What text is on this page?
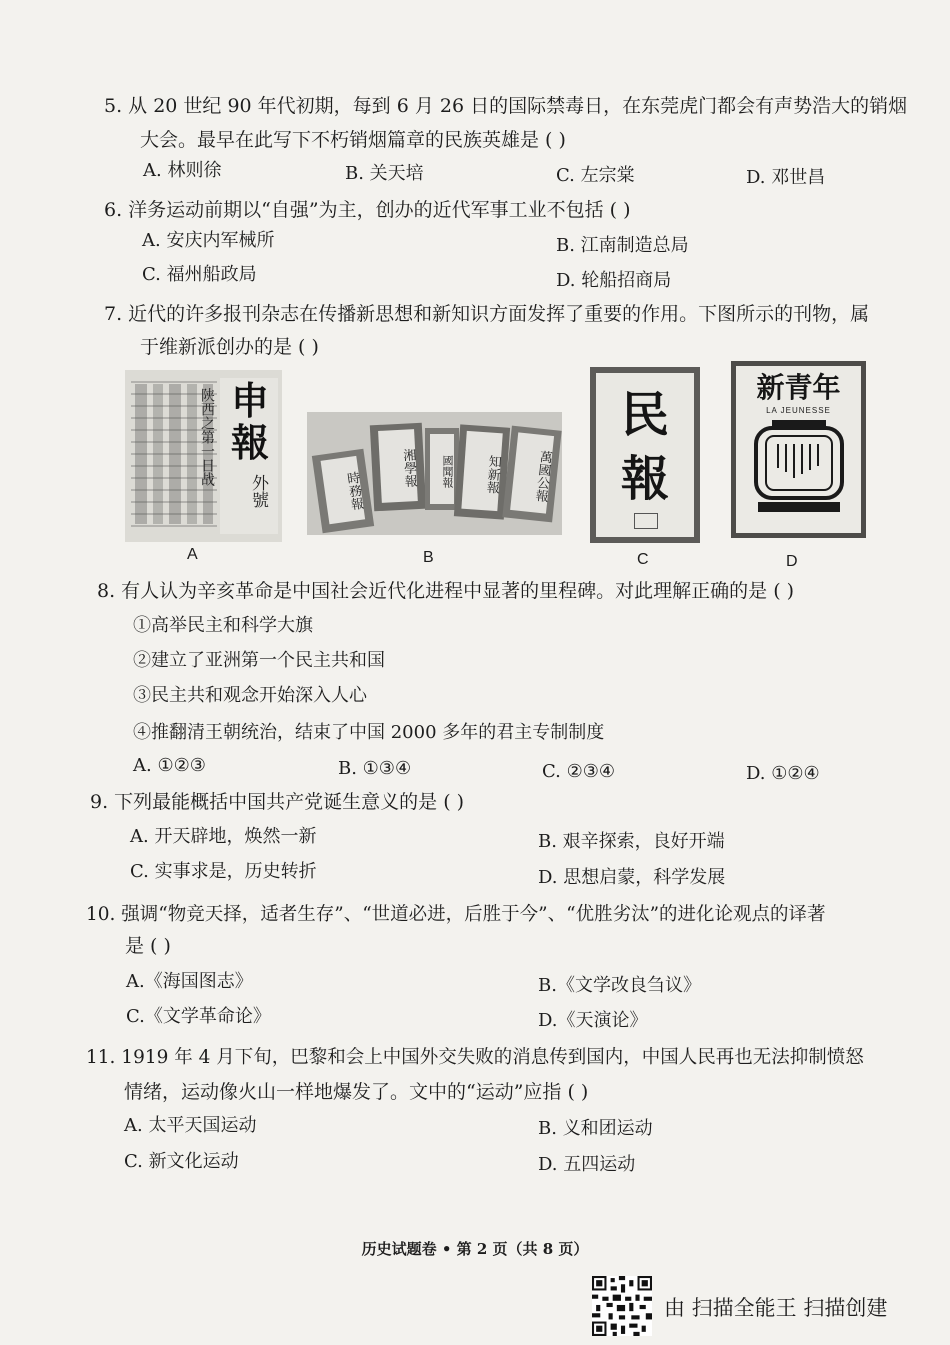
5. 从 20 世纪 90 年代初期，每到 6 月 26 日的国际禁毒日，在东莞虎门都会有声势浩大的销烟
大会。最早在此写下不朽销烟篇章的民族英雄是 ( )
A. 林则徐	B. 关天培	C. 左宗棠	D. 邓世昌
6. 洋务运动前期以“自强”为主，创办的近代军事工业不包括 ( )
A. 安庆内军械所	B. 江南制造总局
C. 福州船政局	D. 轮船招商局
7. 近代的许多报刊杂志在传播新思想和新知识方面发挥了重要的作用。下图所示的刊物，属
于维新派创办的是 ( )
申報
外號
陕西之第一日战
A
時務報
湘學報	國聞報	知新報	萬國公報
B
民
報
C
新青年
LA JEUNESSE
D
8. 有人认为辛亥革命是中国社会近代化进程中显著的里程碑。对此理解正确的是 ( )
①高举民主和科学大旗
②建立了亚洲第一个民主共和国
③民主共和观念开始深入人心
④推翻清王朝统治，结束了中国 2000 多年的君主专制制度
A. ①②③	B. ①③④	C. ②③④	D. ①②④
9. 下列最能概括中国共产党诞生意义的是 ( )
A. 开天辟地，焕然一新	B. 艰辛探索，良好开端
C. 实事求是，历史转折	D. 思想启蒙，科学发展
10. 强调“物竞天择，适者生存”、“世道必进，后胜于今”、“优胜劣汰”的进化论观点的译著
是 ( )
A.《海国图志》	B.《文学改良刍议》
C.《文学革命论》	D.《天演论》
11. 1919 年 4 月下旬，巴黎和会上中国外交失败的消息传到国内，中国人民再也无法抑制愤怒
情绪，运动像火山一样地爆发了。文中的“运动”应指 ( )
A. 太平天国运动	B. 义和团运动
C. 新文化运动	D. 五四运动
历史试题卷 • 第 2 页（共 8 页）
由 扫描全能王 扫描创建
